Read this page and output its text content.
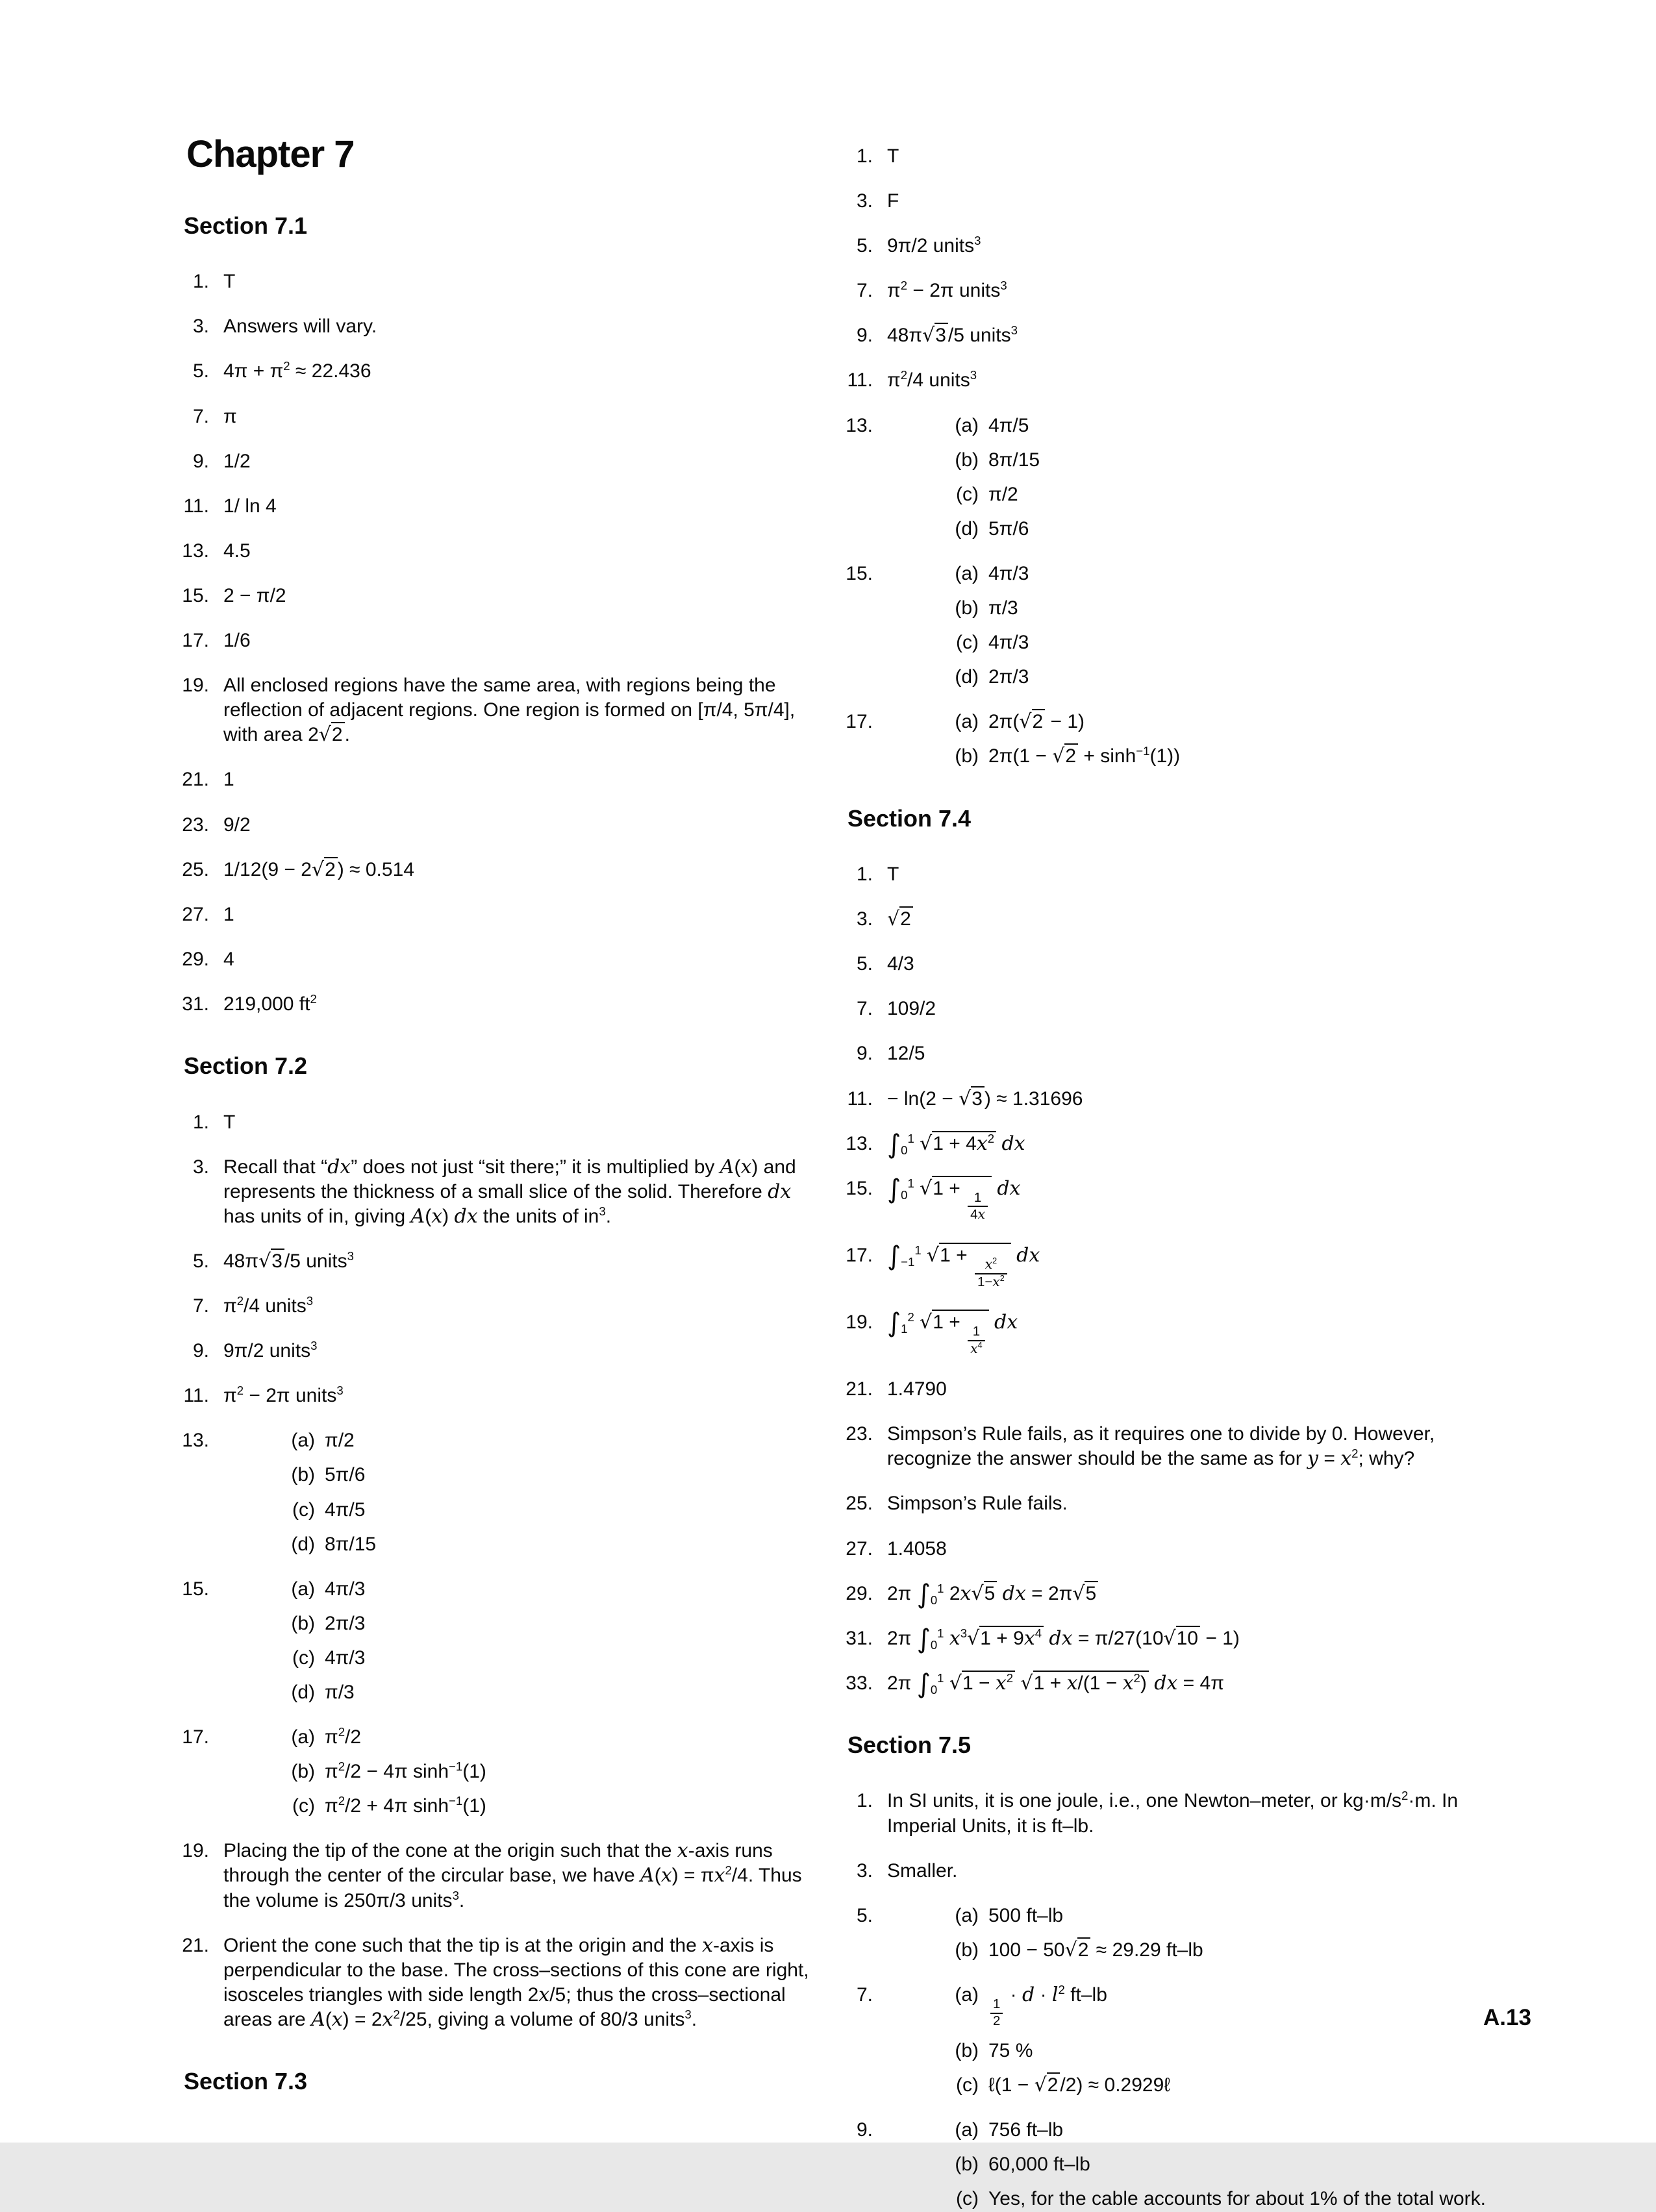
Chapter 7
Section 7.1
1. T
3. Answers will vary.
5. $4\pi + \pi^2 \approx 22.436$
7. π
9. 1/2
11. 1/ ln 4
13. 4.5
15. 2 − π/2
17. 1/6
19. All enclosed regions have the same area, with regions being the reflection of adjacent regions. One region is formed on [π/4, 5π/4], with area 2√2 .
21. 1
23. 9/2
25. 1/12(9 − 2√2 ) ≈ 0.514
27. 1
29. 4
31. 219,000 $ft^2$
Section 7.2
1. T
3. Recall that “dx” does not just “sit there;” it is multiplied by A(x) and represents the thickness of a small slice of the solid. Therefore dx has units of in, giving A(x) dx the units of $in^3$.
5. 48π√3 /5 units$^3$
7. $\pi^2/4$ units$^3$
9. 9π/2 units$^3$
11. $\pi^2 - 2\pi$ units$^3$
13.	(a) π/2
(b) 5π/6
(c) 4π/5
(d) 8π/15
15.	(a) 4π/3
(b) 2π/3
(c) 4π/3
(d) π/3
17.	(a) $\pi^2/2$
(b) $\pi^2/2 - 4\pi$ $\sinh^{-1}(1)$
(c) $\pi^2/2 + 4\pi$ $\sinh^{-1}(1)$
19. Placing the tip of the cone at the origin such that the x-axis runs through the center of the circular base, we have $A(x) = \pi x^2/4$. Thus the volume is 250π/3 units$^3$.
21. Orient the cone such that the tip is at the origin and the x-axis is perpendicular to the base. The cross–sections of this cone are right, isosceles triangles with side length 2x/5; thus the cross–sectional areas are $A(x) = 2x^2/25$, giving a volume of 80/3 units$^3$.
Section 7.3
1. T
3. F
5. 9π/2 units$^3$
7. $\pi^2 - 2\pi$ units$^3$
9. 48π√3 /5 units$^3$
11. $\pi^2/4$ units$^3$
13.	(a) 4π/5
(b) 8π/15
(c) π/2
(d) 5π/6
15.	(a) 4π/3
(b) π/3
(c) 4π/3
(d) 2π/3
17.	(a) 2π(√2 − 1)
(b) $2\pi(1 - √2 + \sinh^{-1}(1))$
Section 7.4
1. T
3. √2
5. 4/3
7. 109/2
9. 12/5
11. − ln(2 − √3 ) ≈ 1.31696
13. $\int_0^1$ $√1 + 4x^2$ dx
15. $\int_0^1$ √1 +
$\frac{1}{4x}$
dx
17. $\int_{-1}^1$ √1 +
$\frac{x^2}{1-x^2}$
dx
19. $\int_1^2$ √1 +
$\frac{1}{x^4}$
dx
21. 1.4790
23. Simpson’s Rule fails, as it requires one to divide by 0. However, recognize the answer should be the same as for $y = x^2$; why?
25. Simpson’s Rule fails.
27. 1.4058
29. 2π $\int_0^1$ 2x√5 dx = 2π√5
31. 2π $\int_0^1$ $x^3√1 + 9x^4$ dx = π/27(10√10 − 1)
33. 2π $\int_0^1$ $√1 - x^2$ $√1 + x/(1 - x^2)$ dx = 4π
Section 7.5
1. In SI units, it is one joule, i.e., one Newton–meter, or $kg\cdot m/s^2\cdot m$. In Imperial Units, it is ft–lb.
3. Smaller.
5.	(a) 500 ft–lb
(b) 100 − 50√2 ≈ 29.29 ft–lb
7.	(a)
$\frac{1}{2}$
· $d \cdot l^2$ ft–lb
(b) 75 %
(c) ℓ(1 − √2 /2) ≈ 0.2929ℓ
9.	(a) 756 ft–lb
(b) 60,000 ft–lb
(c) Yes, for the cable accounts for about 1% of the total work.
A.13
